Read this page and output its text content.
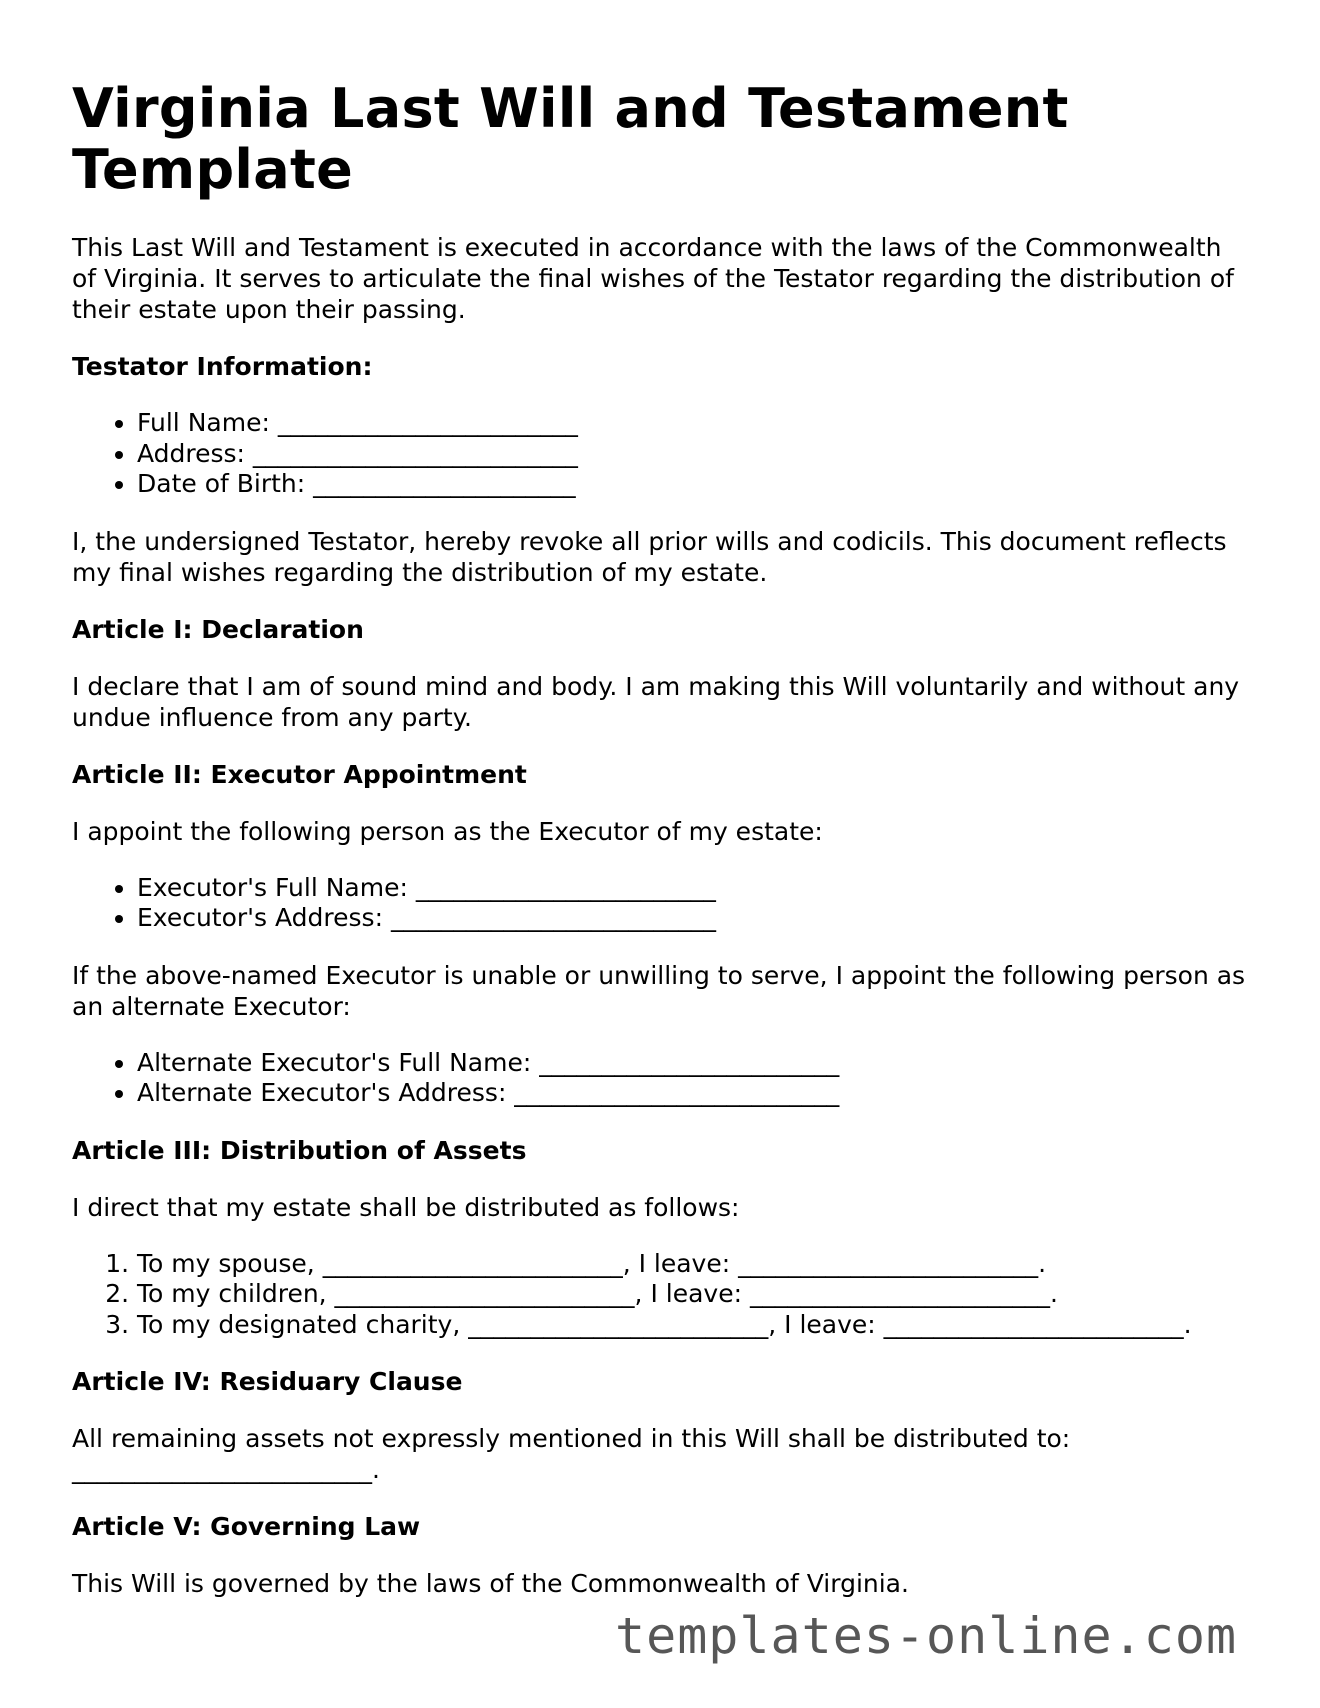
Virginia Last Will and Testament Template

This Last Will and Testament is executed in accordance with the laws of the Commonwealth of Virginia. It serves to articulate the final wishes of the Testator regarding the distribution of their estate upon their passing.

Testator Information:
• Full Name: ________________________
• Address: __________________________
• Date of Birth: _____________________

I, the undersigned Testator, hereby revoke all prior wills and codicils. This document reflects my final wishes regarding the distribution of my estate.

Article I: Declaration

I declare that I am of sound mind and body. I am making this Will voluntarily and without any undue influence from any party.

Article II: Executor Appointment

I appoint the following person as the Executor of my estate:

• Executor's Full Name: ________________________
• Executor's Address: __________________________

If the above-named Executor is unable or unwilling to serve, I appoint the following person as an alternate Executor:

• Alternate Executor's Full Name: ________________________
• Alternate Executor's Address: __________________________
Article III: Distribution of Assets

I direct that my estate shall be distributed as follows:

1. To my spouse, ________________________, I leave: ________________________.
2. To my children, ________________________, I leave: ________________________.
3. To my designated charity, ________________________, I leave: ________________________.
Article IV: Residuary Clause

All remaining assets not expressly mentioned in this Will shall be distributed to: ________________________.

Article V: Governing Law

This Will is governed by the laws of the Commonwealth of Virginia.

templates-online.com
